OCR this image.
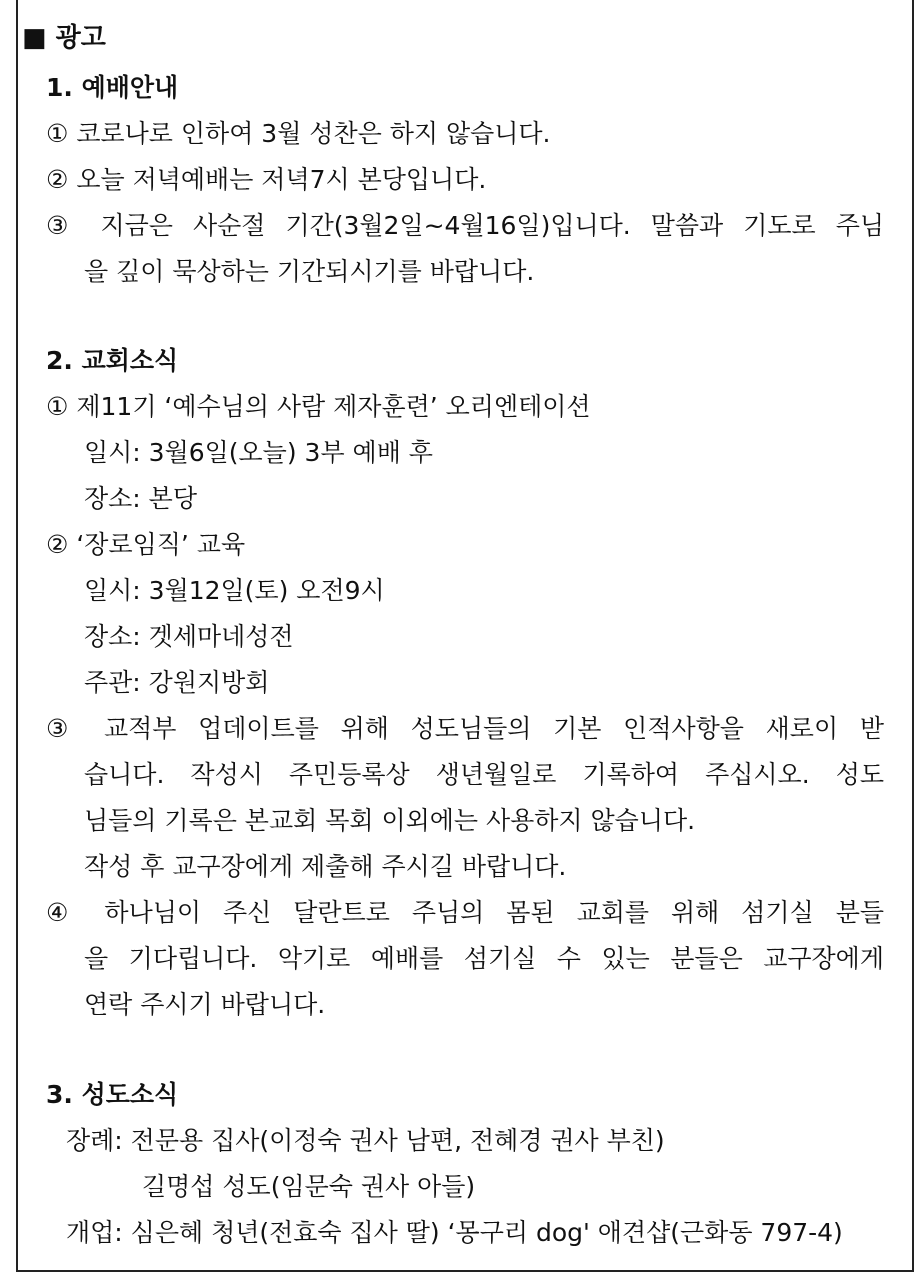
■ 광고
1. 예배안내
① 코로나로 인하여 3월 성찬은 하지 않습니다.
② 오늘 저녁예배는 저녁7시 본당입니다.
③ 지금은 사순절 기간(3월2일~4월16일)입니다. 말씀과 기도로 주님
을 깊이 묵상하는 기간되시기를 바랍니다.
2. 교회소식
① 제11기 ‘예수님의 사람 제자훈련’ 오리엔테이션
일시: 3월6일(오늘) 3부 예배 후
장소: 본당
② ‘장로임직’ 교육
일시: 3월12일(토) 오전9시
장소: 겟세마네성전
주관: 강원지방회
③ 교적부 업데이트를 위해 성도님들의 기본 인적사항을 새로이 받
습니다. 작성시 주민등록상 생년월일로 기록하여 주십시오. 성도
님들의 기록은 본교회 목회 이외에는 사용하지 않습니다.
작성 후 교구장에게 제출해 주시길 바랍니다.
④ 하나님이 주신 달란트로 주님의 몸된 교회를 위해 섬기실 분들
을 기다립니다. 악기로 예배를 섬기실 수 있는 분들은 교구장에게
연락 주시기 바랍니다.
3. 성도소식
장례: 전문용 집사(이정숙 권사 남편, 전혜경 권사 부친)
길명섭 성도(임문숙 권사 아들)
개업: 심은혜 청년(전효숙 집사 딸) ‘몽구리 dog' 애견샵(근화동 797-4)
